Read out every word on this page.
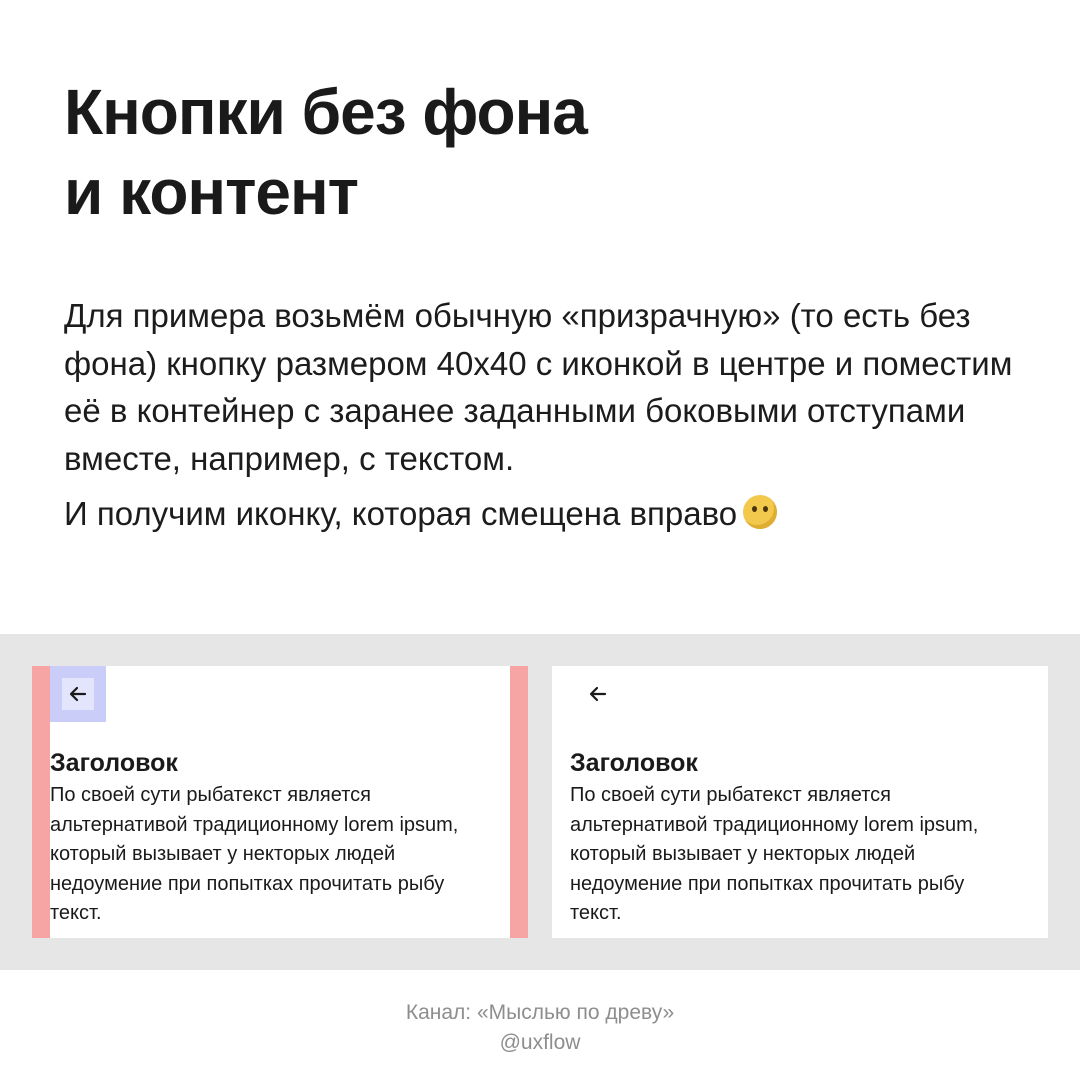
Кнопки без фона
и контент

Для примера возьмём обычную «призрачную» (то есть без фона) кнопку размером 40х40 с иконкой в центре и поместим её в контейнер с заранее заданными боковыми отступами вместе, например, с текстом.

И получим иконку, которая смещена вправо

Заголовок
По своей сути рыбатекст является альтернативой традиционному lorem ipsum, который вызывает у некторых людей недоумение при попытках прочитать рыбу текст.
Заголовок
По своей сути рыбатекст является альтернативой традиционному lorem ipsum, который вызывает у некторых людей недоумение при попытках прочитать рыбу текст.
Канал: «Мыслью по древу»
@uxflow
